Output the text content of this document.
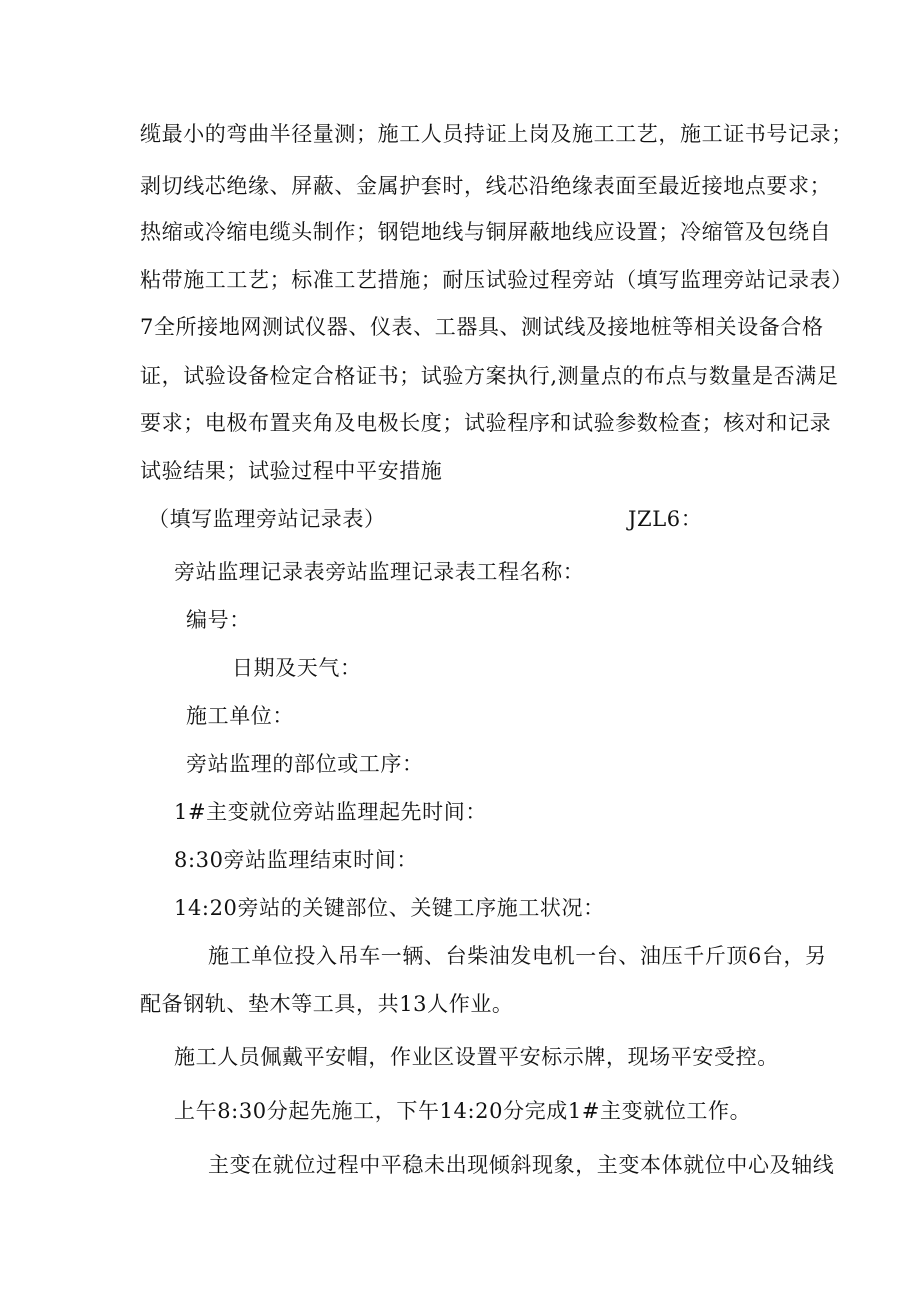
缆最小的弯曲半径量测；施工人员持证上岗及施工工艺，施工证书号记录；
剥切线芯绝缘、屏蔽、金属护套时，线芯沿绝缘表面至最近接地点要求；
热缩或冷缩电缆头制作；钢铠地线与铜屏蔽地线应设置；冷缩管及包绕自
粘带施工工艺；标准工艺措施；耐压试验过程旁站（填写监理旁站记录表）
7全所接地网测试仪器、仪表、工器具、测试线及接地桩等相关设备合格
证，试验设备检定合格证书；试验方案执行,测量点的布点与数量是否满足
要求；电极布置夹角及电极长度；试验程序和试验参数检查；核对和记录
试验结果；试验过程中平安措施
（填写监理旁站记录表）	JZL6：
旁站监理记录表旁站监理记录表工程名称：
编号：
日期及天气：
施工单位：
旁站监理的部位或工序：
1#主变就位旁站监理起先时间：
8:30旁站监理结束时间：
14:20旁站的关键部位、关键工序施工状况：
施工单位投入吊车一辆、台柴油发电机一台、油压千斤顶6台，另
配备钢轨、垫木等工具，共13人作业。
施工人员佩戴平安帽，作业区设置平安标示牌，现场平安受控。
上午8:30分起先施工，下午14:20分完成1#主变就位工作。
主变在就位过程中平稳未出现倾斜现象，主变本体就位中心及轴线
